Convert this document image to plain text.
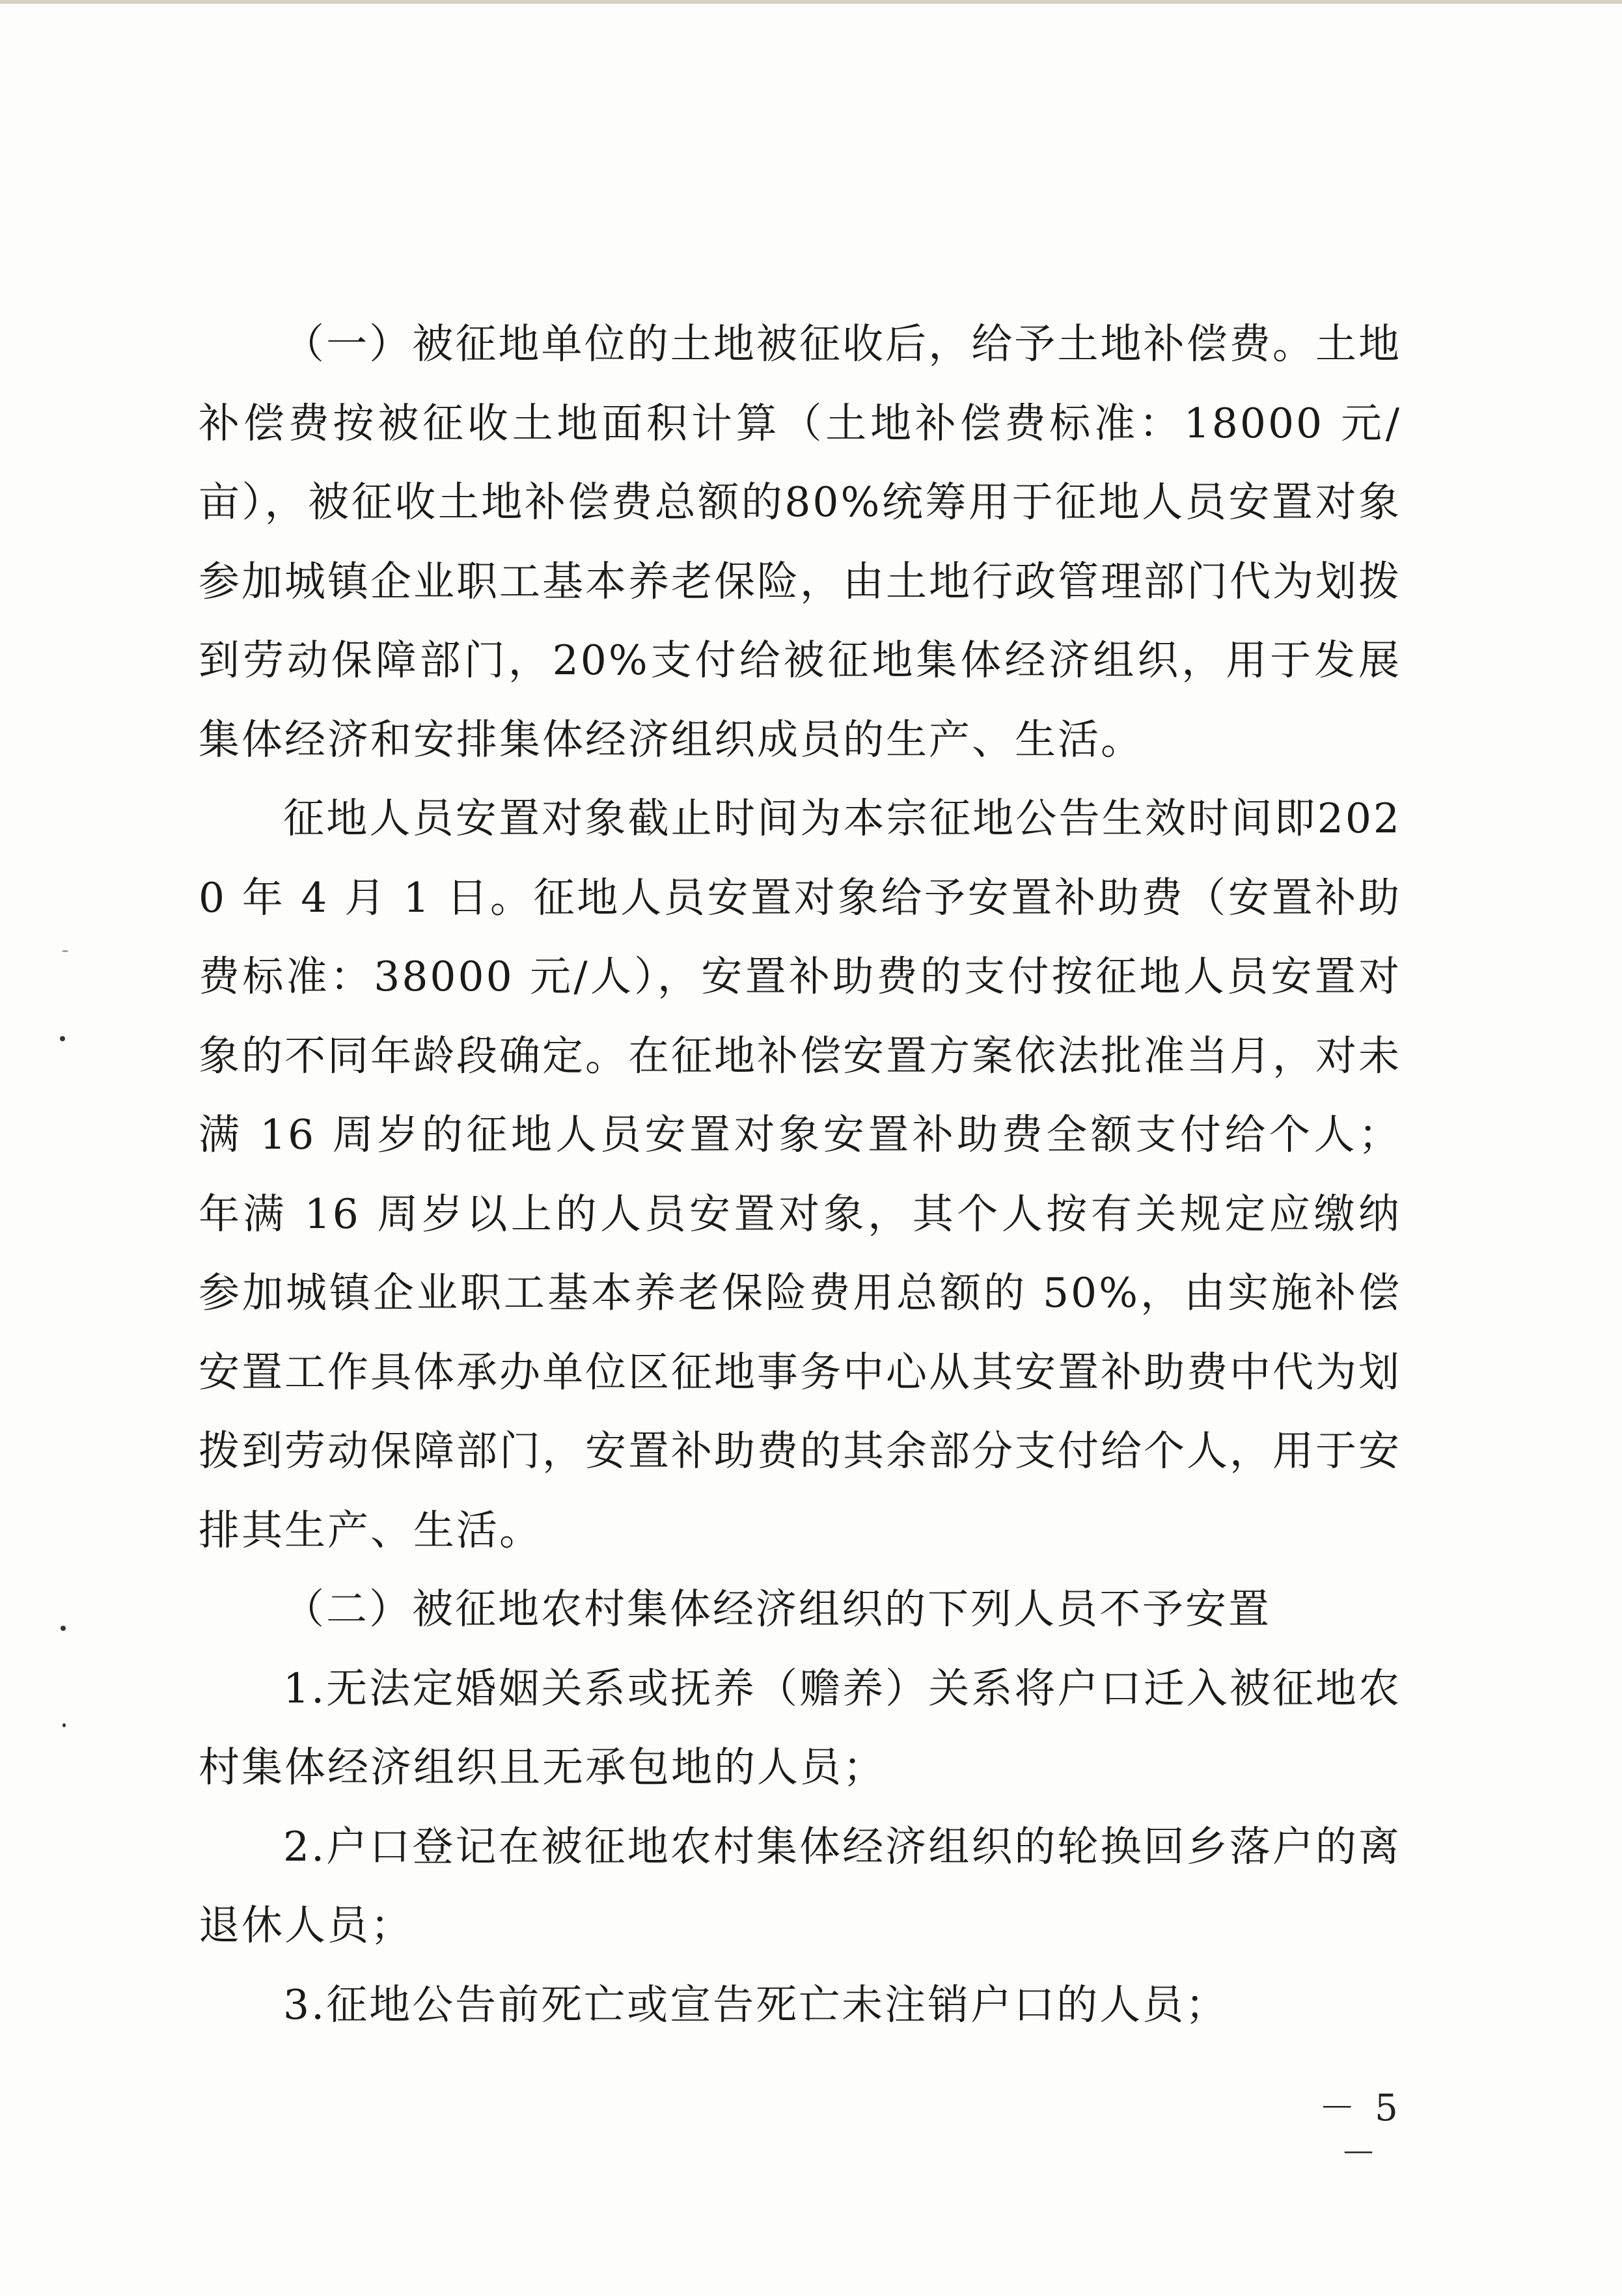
（一）被征地单位的土地被征收后，给予土地补偿费。土地补偿费按被征收土地面积计算（土地补偿费标准：18000 元/亩），被征收土地补偿费总额的80%统筹用于征地人员安置对象参加城镇企业职工基本养老保险，由土地行政管理部门代为划拨到劳动保障部门，20%支付给被征地集体经济组织，用于发展集体经济和安排集体经济组织成员的生产、生活。

征地人员安置对象截止时间为本宗征地公告生效时间即2020 年 4 月 1 日。征地人员安置对象给予安置补助费（安置补助费标准：38000 元/人），安置补助费的支付按征地人员安置对象的不同年龄段确定。在征地补偿安置方案依法批准当月，对未满 16 周岁的征地人员安置对象安置补助费全额支付给个人；年满 16 周岁以上的人员安置对象，其个人按有关规定应缴纳参加城镇企业职工基本养老保险费用总额的 50%，由实施补偿安置工作具体承办单位区征地事务中心从其安置补助费中代为划拨到劳动保障部门，安置补助费的其余部分支付给个人，用于安排其生产、生活。

（二）被征地农村集体经济组织的下列人员不予安置

1.无法定婚姻关系或抚养（赡养）关系将户口迁入被征地农村集体经济组织且无承包地的人员；

2.户口登记在被征地农村集体经济组织的轮换回乡落户的离退休人员；

3.征地公告前死亡或宣告死亡未注销户口的人员；

－ 5 －
